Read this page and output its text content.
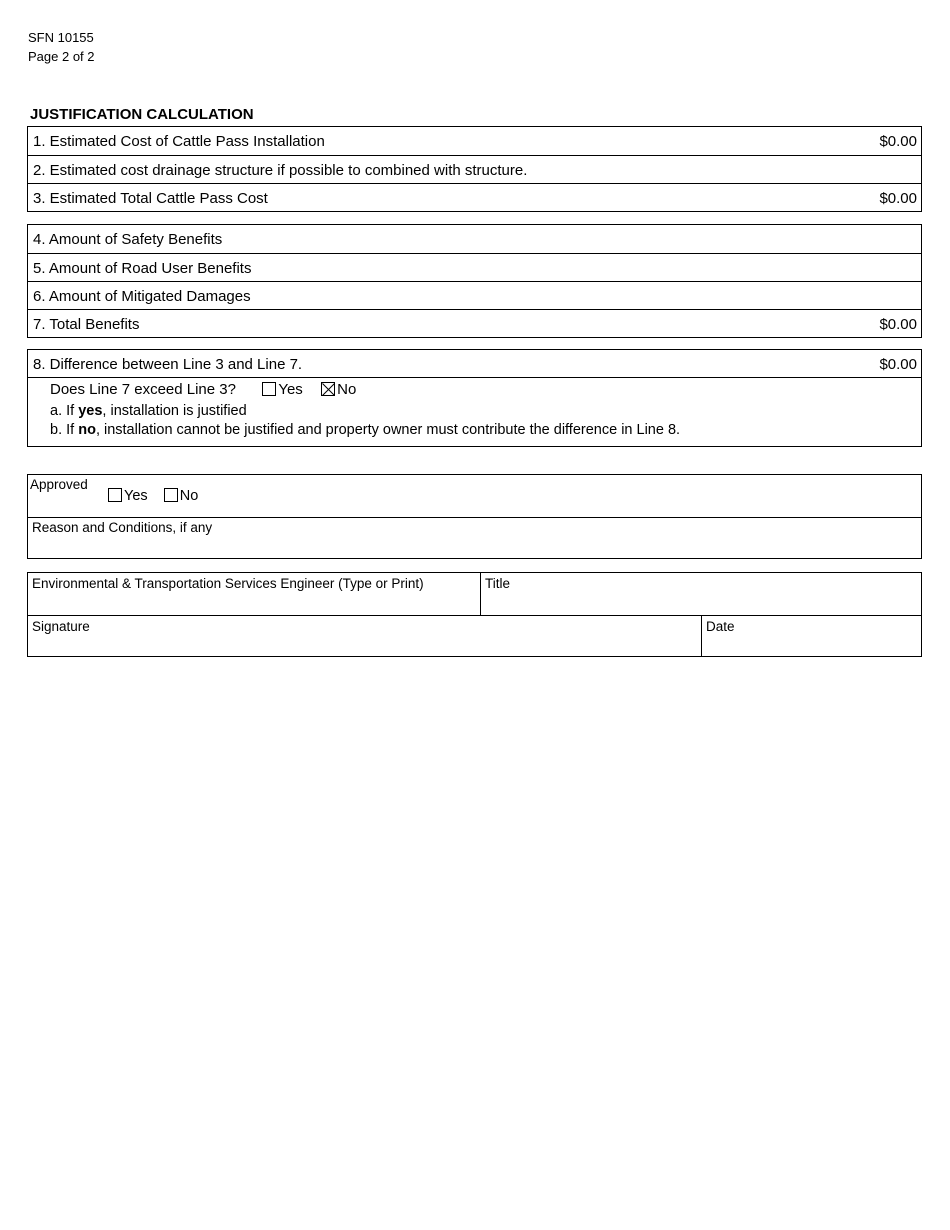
SFN 10155
Page 2 of 2
JUSTIFICATION CALCULATION
1. Estimated Cost of Cattle Pass Installation	$0.00
2. Estimated cost drainage structure if possible to combined with structure.
3. Estimated Total Cattle Pass Cost	$0.00
4. Amount of Safety Benefits
5. Amount of Road User Benefits
6. Amount of Mitigated Damages
7. Total Benefits	$0.00
8. Difference between Line 3 and Line 7.	$0.00
Does Line 7 exceed Line 3?	Yes No
a. If yes, installation is justified
b. If no, installation cannot be justified and property owner must contribute the difference in Line 8.
Approved
Yes No
Reason and Conditions, if any
Environmental & Transportation Services Engineer (Type or Print)	Title
Signature	Date
